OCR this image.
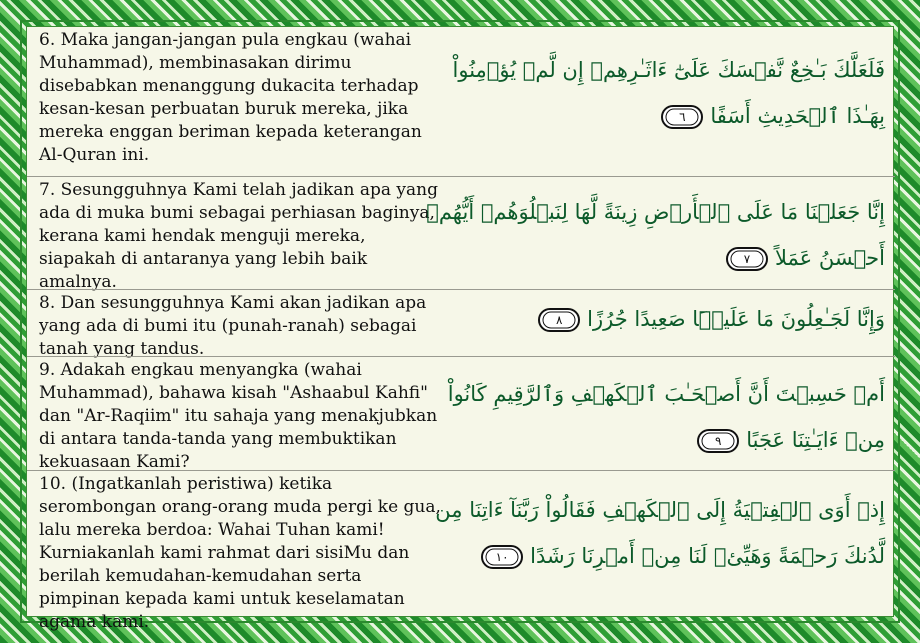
6. Maka jangan-jangan pula engkau (wahai Muhammad), membinasakan dirimu disebabkan menanggung dukacita terhadap kesan-kesan perbuatan buruk mereka, jika mereka enggan beriman kepada keterangan Al-Quran ini.

فَلَعَلَّكَ بَـٰخِعٌ نَّفۡسَكَ عَلَىٰٓ ءَاثَـٰرِهِمۡ إِن لَّمۡ يُؤۡمِنُواْ
بِهَـٰذَا ٱلۡحَدِيثِ أَسَفًا
٦

7. Sesungguhnya Kami telah jadikan apa yang ada di muka bumi sebagai perhiasan baginya, kerana kami hendak menguji mereka, siapakah di antaranya yang lebih baik amalnya.

إِنَّا جَعَلۡنَا مَا عَلَى ٱلۡأَرۡضِ زِينَةً لَّهَا لِنَبۡلُوَهُمۡ أَيُّهُمۡ
أَحۡسَنُ عَمَلاً
٧

8. Dan sesungguhnya Kami akan jadikan apa yang ada di bumi itu (punah-ranah) sebagai tanah yang tandus.

وَإِنَّا لَجَـٰعِلُونَ مَا عَلَيۡہَا صَعِيدًا جُرُزًا
٨

9. Adakah engkau menyangka (wahai Muhammad), bahawa kisah "Ashaabul Kahfi" dan "Ar-Raqiim" itu sahaja yang menakjubkan di antara tanda-tanda yang membuktikan kekuasaan Kami?

أَمۡ حَسِبۡتَ أَنَّ أَصۡحَـٰبَ ٱلۡكَهۡفِ وَٱلرَّقِيمِ كَانُواْ
مِنۡ ءَايَـٰتِنَا عَجَبًا
٩

10. (Ingatkanlah peristiwa) ketika serombongan orang-orang muda pergi ke gua, lalu mereka berdoa: Wahai Tuhan kami! Kurniakanlah kami rahmat dari sisiMu dan berilah kemudahan-kemudahan serta pimpinan kepada kami untuk keselamatan agama kami.

إِذۡ أَوَى ٱلۡفِتۡيَةُ إِلَى ٱلۡكَهۡفِ فَقَالُواْ رَبَّنَآ ءَاتِنَا مِن
لَّدُنكَ رَحۡمَةً وَهَيِّئۡ لَنَا مِنۡ أَمۡرِنَا رَشَدًا
١٠
